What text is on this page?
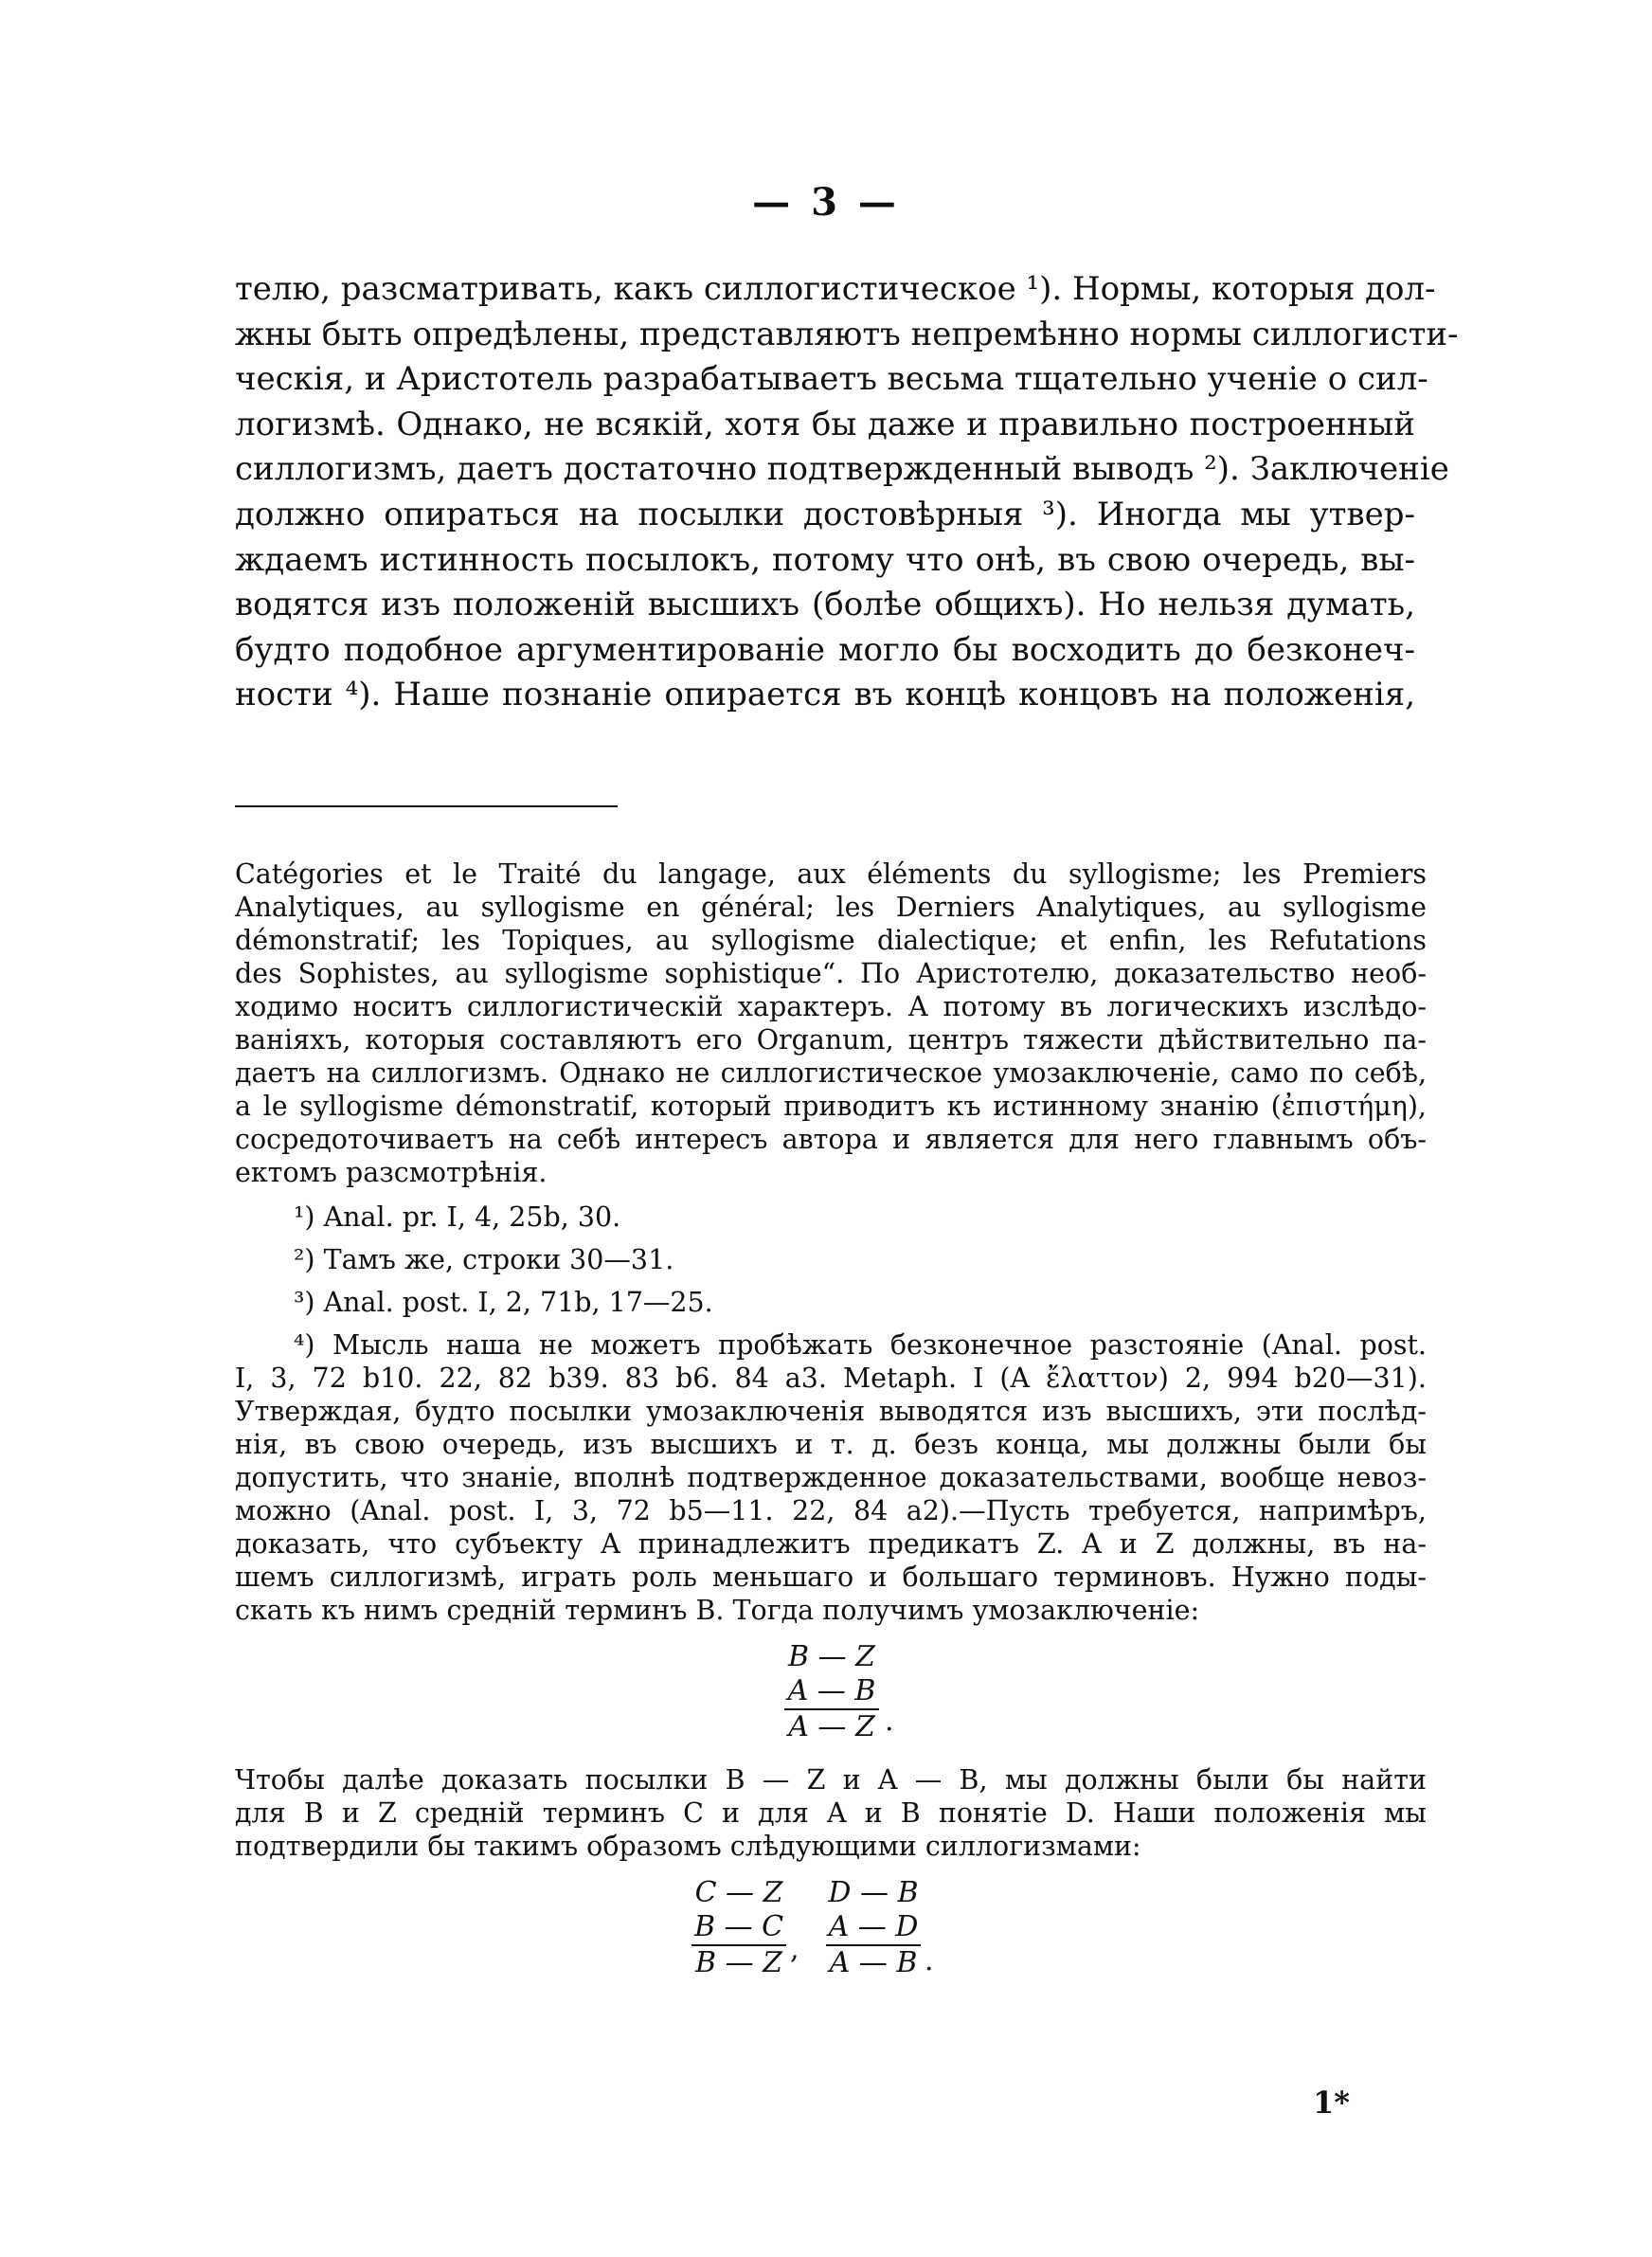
— 3 —
телю, разсматривать, какъ силлогистическое ¹). Нормы, которыя дол-
жны быть опредѣлены, представляютъ непремѣнно нормы силлогисти-
ческія, и Аристотель разрабатываетъ весьма тщательно ученіе о сил-
логизмѣ. Однако, не всякій, хотя бы даже и правильно построенный
силлогизмъ, даетъ достаточно подтвержденный выводъ ²). Заключеніе
должно опираться на посылки достовѣрныя ³). Иногда мы утвер-
ждаемъ истинность посылокъ, потому что онѣ, въ свою очередь, вы-
водятся изъ положеній высшихъ (болѣе общихъ). Но нельзя думать,
будто подобное аргументированіе могло бы восходить до безконеч-
ности ⁴). Наше познаніе опирается въ концѣ концовъ на положенія,
Catégories et le Traité du langage, aux éléments du syllogisme; les Premiers
Analytiques, au syllogisme en général; les Derniers Analytiques, au syllogisme
démonstratif; les Topiques, au syllogisme dialectique; et enfin, les Refutations
des Sophistes, au syllogisme sophistique“. По Аристотелю, доказательство необ-
ходимо носитъ силлогистическій характеръ. А потому въ логическихъ изслѣдо-
ваніяхъ, которыя составляютъ его Organum, центръ тяжести дѣйствительно па-
даетъ на силлогизмъ. Однако не силлогистическое умозаключеніе, само по себѣ,
a le syllogisme démonstratif, который приводитъ къ истинному знанію (ἐπιστήμη),
сосредоточиваетъ на себѣ интересъ автора и является для него главнымъ объ-
ектомъ разсмотрѣнія.
¹) Anal. pr. I, 4, 25b, 30.
²) Тамъ же, строки 30—31.
³) Anal. post. I, 2, 71b, 17—25.
⁴) Мысль наша не можетъ пробѣжать безконечное разстояніе (Anal. post.
I, 3, 72 b10. 22, 82 b39. 83 b6. 84 a3. Metaph. I (A ἔλαττον) 2, 994 b20—31).
Утверждая, будто посылки умозаключенія выводятся изъ высшихъ, эти послѣд-
нія, въ свою очередь, изъ высшихъ и т. д. безъ конца, мы должны были бы
допустить, что знаніе, вполнѣ подтвержденное доказательствами, вообще невоз-
можно (Anal. post. I, 3, 72 b5—11. 22, 84 a2).—Пусть требуется, напримѣръ,
доказать, что субъекту A принадлежитъ предикатъ Z. A и Z должны, въ на-
шемъ силлогизмѣ, играть роль меньшаго и большаго терминовъ. Нужно поды-
скать къ нимъ средній терминъ B. Тогда получимъ умозаключеніе:
B — Z
A — B
A — Z .
Чтобы далѣе доказать посылки B — Z и A — B, мы должны были бы найти
для B и Z средній терминъ C и для A и B понятіе D. Наши положенія мы
подтвердили бы такимъ образомъ слѣдующими силлогизмами:
C — Z
B — C
B — Z ,
D — B
A — D
A — B .
1*
